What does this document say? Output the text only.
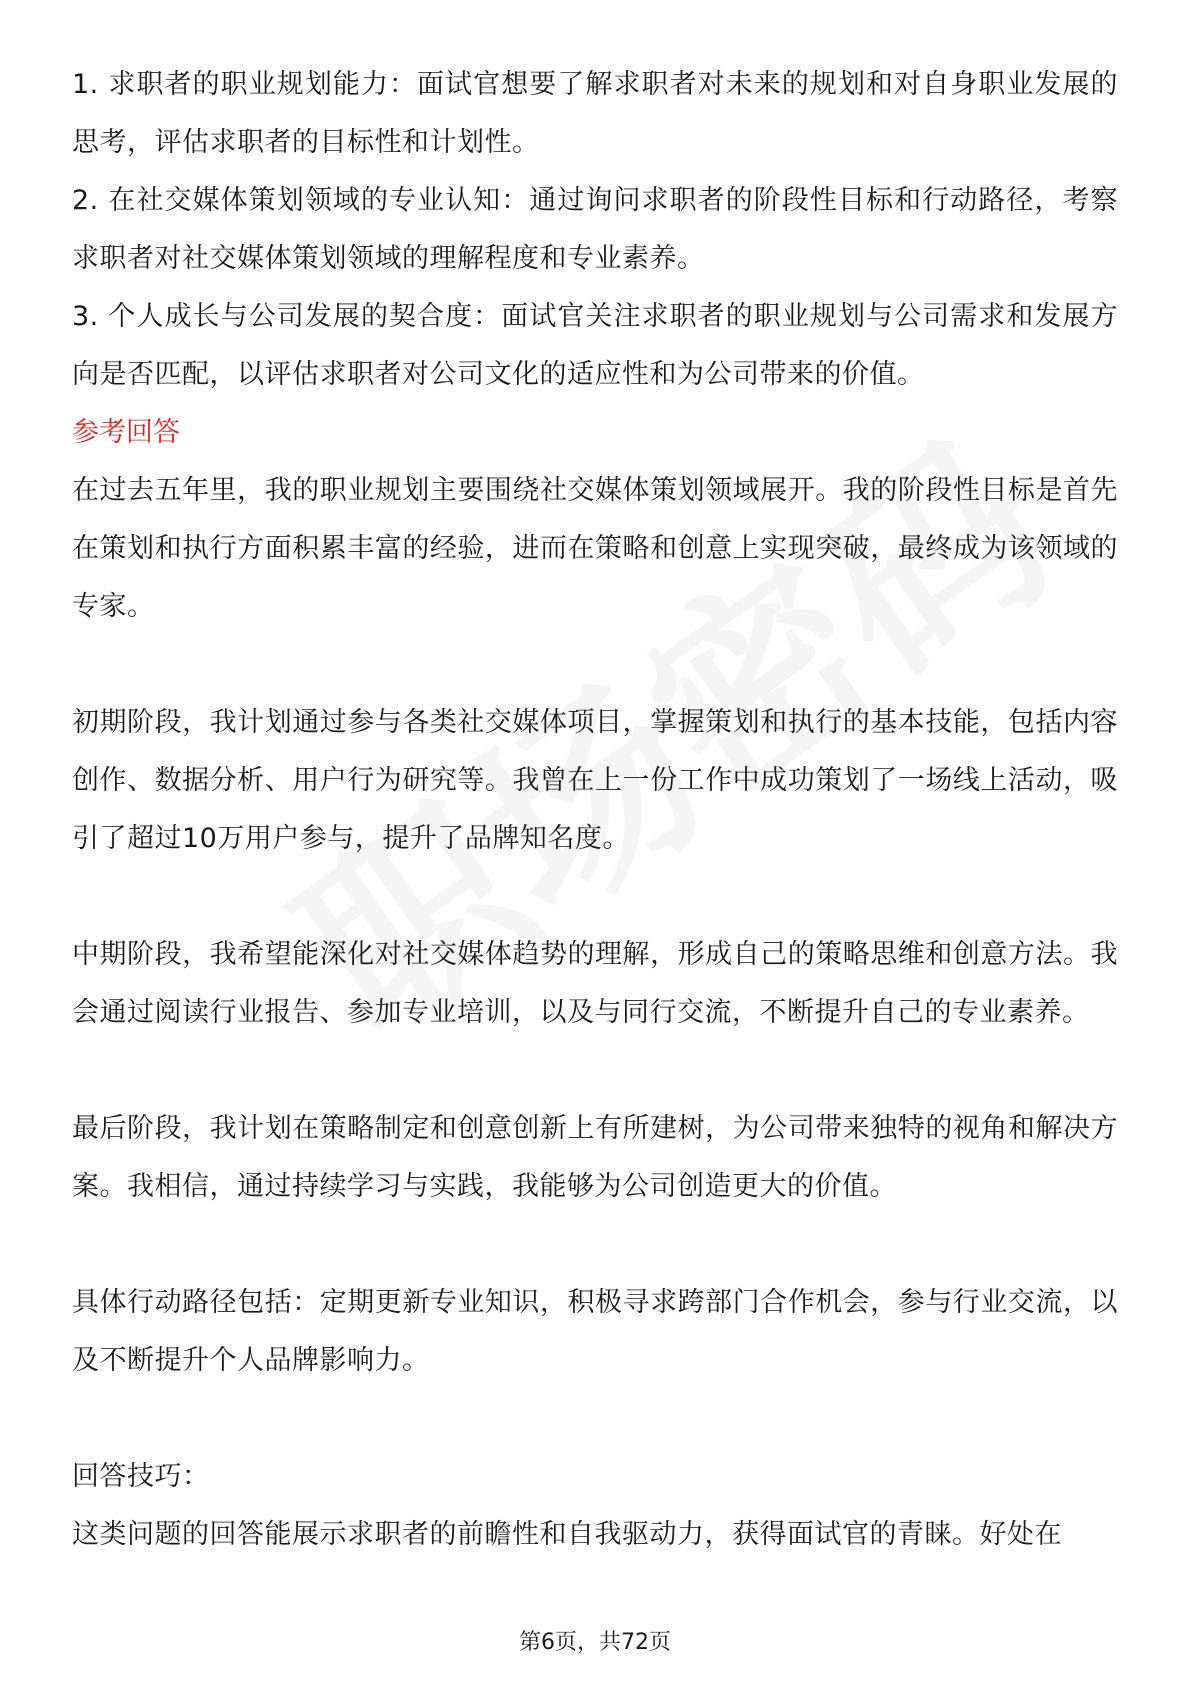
1. 求职者的职业规划能力：面试官想要了解求职者对未来的规划和对自身职业发展的思考，评估求职者的目标性和计划性。

2. 在社交媒体策划领域的专业认知：通过询问求职者的阶段性目标和行动路径，考察求职者对社交媒体策划领域的理解程度和专业素养。

3. 个人成长与公司发展的契合度：面试官关注求职者的职业规划与公司需求和发展方向是否匹配，以评估求职者对公司文化的适应性和为公司带来的价值。

参考回答

在过去五年里，我的职业规划主要围绕社交媒体策划领域展开。我的阶段性目标是首先在策划和执行方面积累丰富的经验，进而在策略和创意上实现突破，最终成为该领域的专家。

初期阶段，我计划通过参与各类社交媒体项目，掌握策划和执行的基本技能，包括内容创作、数据分析、用户行为研究等。我曾在上一份工作中成功策划了一场线上活动，吸引了超过10万用户参与，提升了品牌知名度。

中期阶段，我希望能深化对社交媒体趋势的理解，形成自己的策略思维和创意方法。我会通过阅读行业报告、参加专业培训，以及与同行交流，不断提升自己的专业素养。

最后阶段，我计划在策略制定和创意创新上有所建树，为公司带来独特的视角和解决方案。我相信，通过持续学习与实践，我能够为公司创造更大的价值。

具体行动路径包括：定期更新专业知识，积极寻求跨部门合作机会，参与行业交流，以及不断提升个人品牌影响力。

回答技巧：

这类问题的回答能展示求职者的前瞻性和自我驱动力，获得面试官的青睐。好处在

第6页，共72页
